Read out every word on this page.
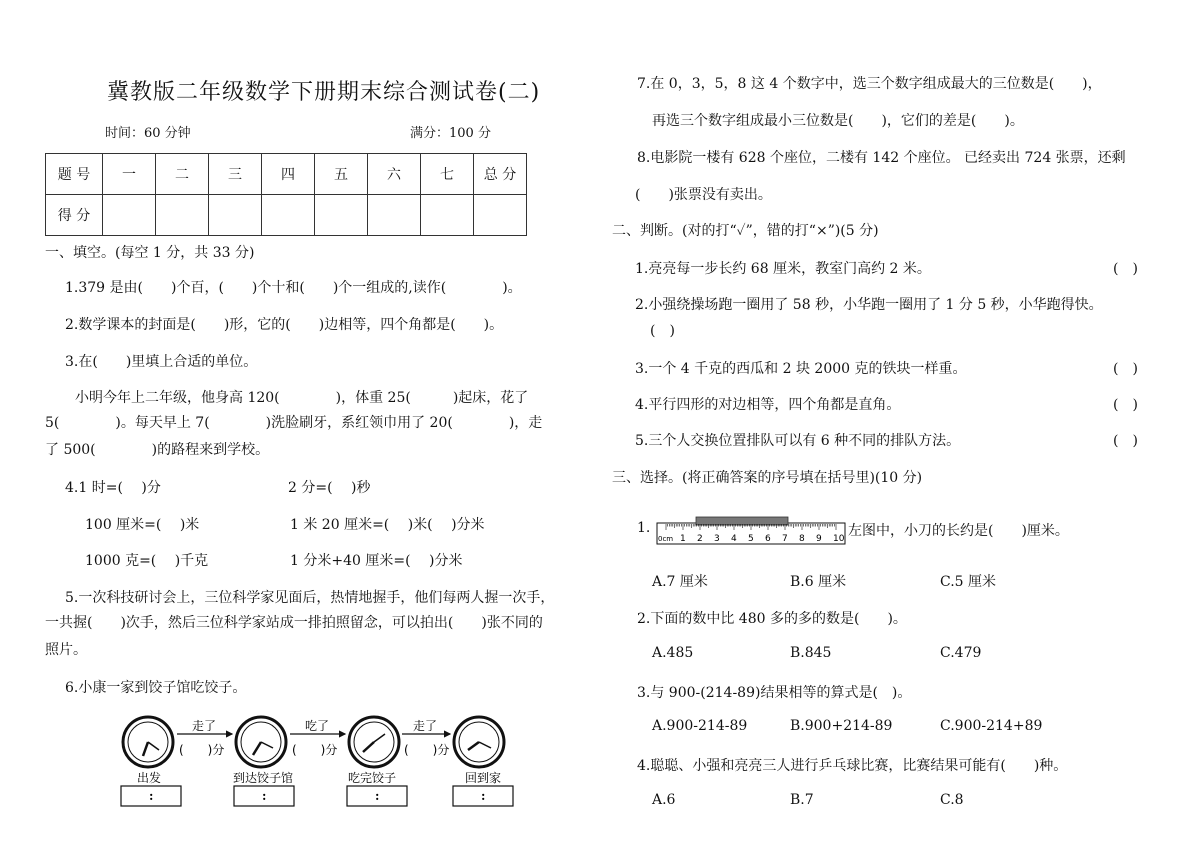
冀教版二年级数学下册期末综合测试卷(二)
时间：60 分钟	满分：100 分
题 号	一	二	三	四	五	六	七	总 分
得 分								
一、填空。(每空 1 分，共 33 分)
1.379 是由(　　)个百，(　　)个十和(　　)个一组成的,读作(　　　　)。
2.数学课本的封面是(　　)形，它的(　　)边相等，四个角都是(　　)。
3.在(　　)里填上合适的单位。
小明今年上二年级，他身高 120(　　　　)，体重 25(　　　)起床，花了
5(　　　　)。每天早上 7(　　　　)洗脸刷牙，系红领巾用了 20(　　　　)，走
了 500(　　　　)的路程来到学校。
4.1 时=(　 )分	2 分=(　 )秒
100 厘米=(　 )米	1 米 20 厘米=(　 )米(　 )分米
1000 克=(　 )千克	1 分米+40 厘米=(　 )分米
5.一次科技研讨会上，三位科学家见面后，热情地握手，他们每两人握一次手，
一共握(　　)次手，然后三位科学家站成一排拍照留念，可以拍出(　　)张不同的
照片。
6.小康一家到饺子馆吃饺子。
走了	吃了	走了
(　　)分	(　　)分	(　　)分
出发	到达饺子馆	吃完饺子	回到家
:	:	:	:
7.在 0，3，5，8 这 4 个数字中，选三个数字组成最大的三位数是(　　)，
再选三个数字组成最小三位数是(　　)，它们的差是(　　)。
8.电影院一楼有 628 个座位，二楼有 142 个座位。 已经卖出 724 张票，还剩
(　　)张票没有卖出。
二、判断。(对的打“✓”，错的打“×”)(5 分)
1.亮亮每一步长约 68 厘米，教室门高约 2 米。	(　)
2.小强绕操场跑一圈用了 58 秒，小华跑一圈用了 1 分 5 秒，小华跑得快。
(　)
3.一个 4 千克的西瓜和 2 块 2000 克的铁块一样重。	(　)
4.平行四形的对边相等，四个角都是直角。	(　)
5.三个人交换位置排队可以有 6 种不同的排队方法。	(　)
三、选择。(将正确答案的序号填在括号里)(10 分)
1.
0cm 1 2 3 4 5 6 7 8 9 10 左图中，小刀的长约是(　　)厘米。
A.7 厘米	B.6 厘米	C.5 厘米
2.下面的数中比 480 多的多的数是(　　)。
A.485	B.845	C.479
3.与 900-(214-89)结果相等的算式是(　)。
A.900-214-89	B.900+214-89	C.900-214+89
4.聪聪、小强和亮亮三人进行乒乓球比赛，比赛结果可能有(　　)种。
A.6	B.7	C.8
